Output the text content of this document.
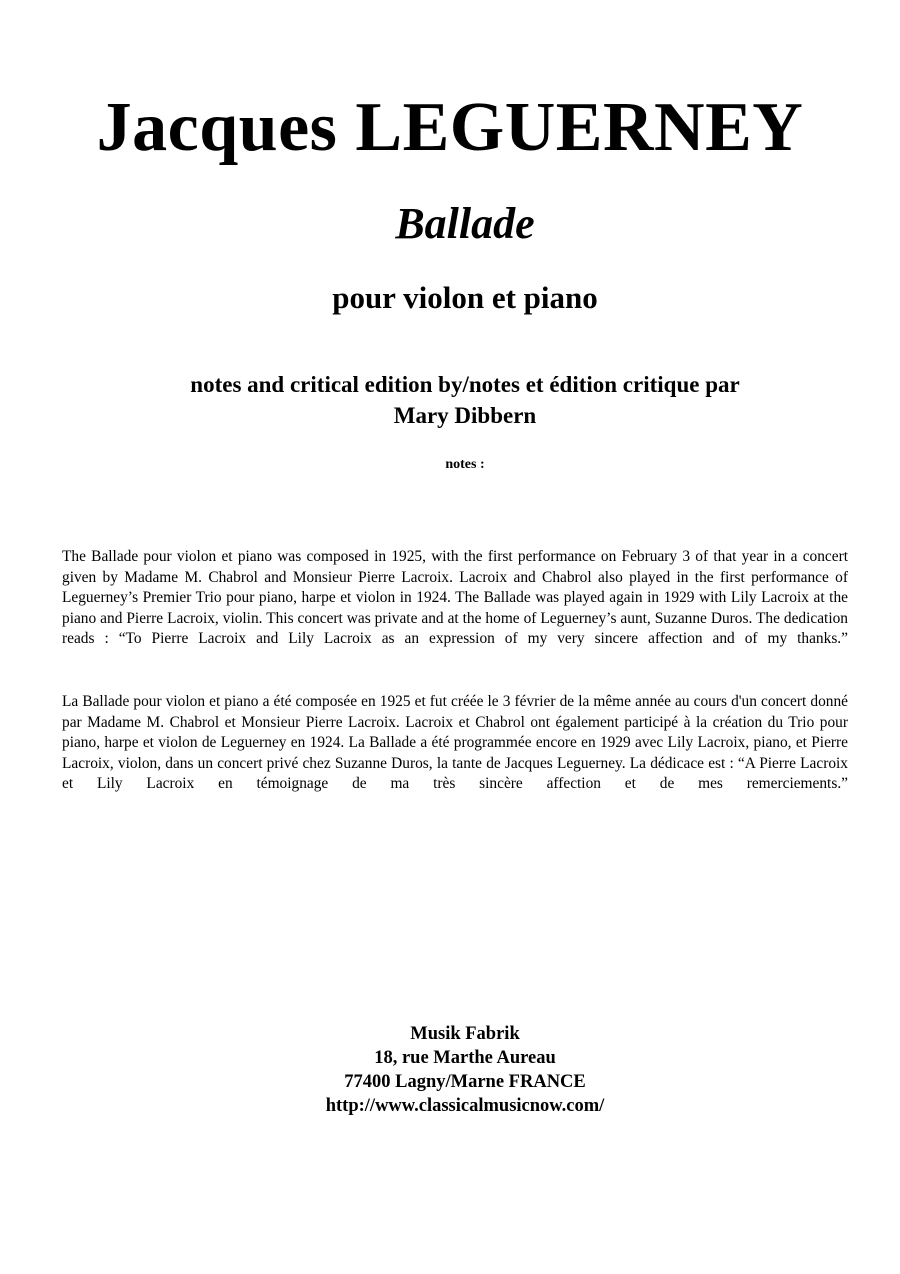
Jacques LEGUERNEY
Ballade
pour violon et piano
notes and critical edition by/notes et édition critique par
Mary Dibbern
notes :
The Ballade pour violon et piano was composed in 1925, with the first performance on February 3 of that year in a concert given by Madame M. Chabrol and Monsieur Pierre Lacroix. Lacroix and Chabrol also played in the first performance of Leguerney’s Premier Trio pour piano, harpe et violon in 1924. The Ballade was played again in 1929 with Lily Lacroix at the piano and Pierre Lacroix, violin. This concert was private and at the home of Leguerney’s aunt, Suzanne Duros. The dedication reads : “To Pierre Lacroix and Lily Lacroix as an expression of my very sincere affection and of my thanks.”
La Ballade pour violon et piano a été composée en 1925 et fut créée le 3 février de la même année au cours d'un concert donné par Madame M. Chabrol et Monsieur Pierre Lacroix. Lacroix et Chabrol ont également participé à la création du Trio pour piano, harpe et violon de Leguerney en 1924. La Ballade a été programmée encore en 1929 avec Lily Lacroix, piano, et Pierre Lacroix, violon, dans un concert privé chez Suzanne Duros, la tante de Jacques Leguerney. La dédicace est : “A Pierre Lacroix et Lily Lacroix en témoignage de ma très sincère affection et de mes remerciements.”
Musik Fabrik
18, rue Marthe Aureau
77400 Lagny/Marne FRANCE
http://www.classicalmusicnow.com/
